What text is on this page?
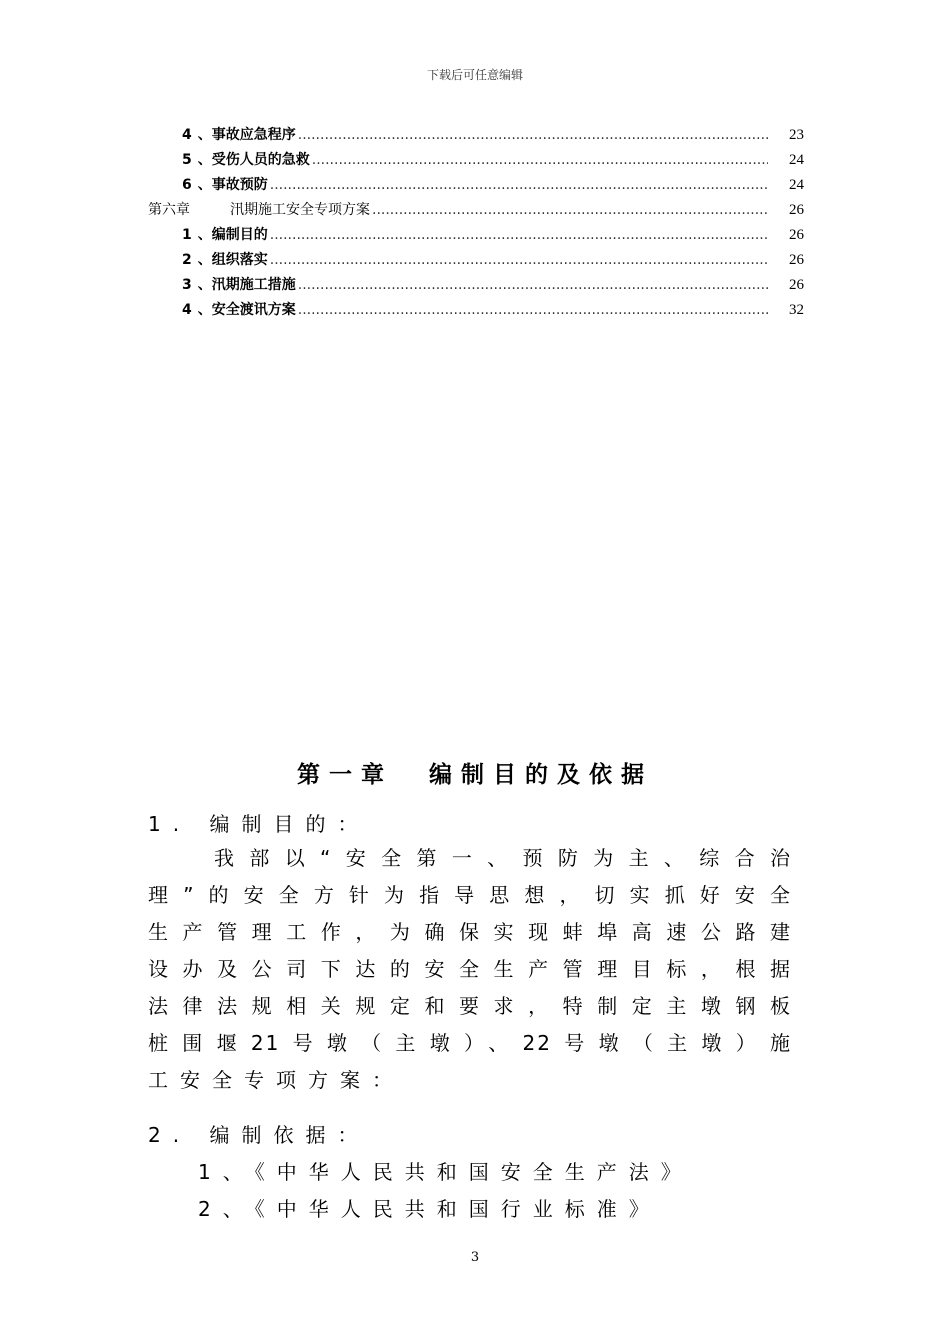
下载后可任意编辑
4 、事故应急程序 .....	23
5 、受伤人员的急救 .....	24
6 、事故预防 .....	24
第六章	汛期施工安全专项方案 .....	26
1 、编制目的 .....	26
2 、组织落实 .....	26
3 、汛期施工措施 .....	26
4 、安全渡讯方案 .....	32
第一章 编制目的及依据
1. 编制目的：
我部以“安全第一、预防为主、综合治
理”的安全方针为指导思想，切实抓好安全
生产管理工作，为确保实现蚌埠高速公路建
设办及公司下达的安全生产管理目标，根据
法律法规相关规定和要求，特制定主墩钢板
桩围堰21号墩（主墩）、22号墩（主墩）施
工安全专项方案：
2. 编制依据：
1、《中华人民共和国安全生产法》
2、《中华人民共和国行业标准》
3
